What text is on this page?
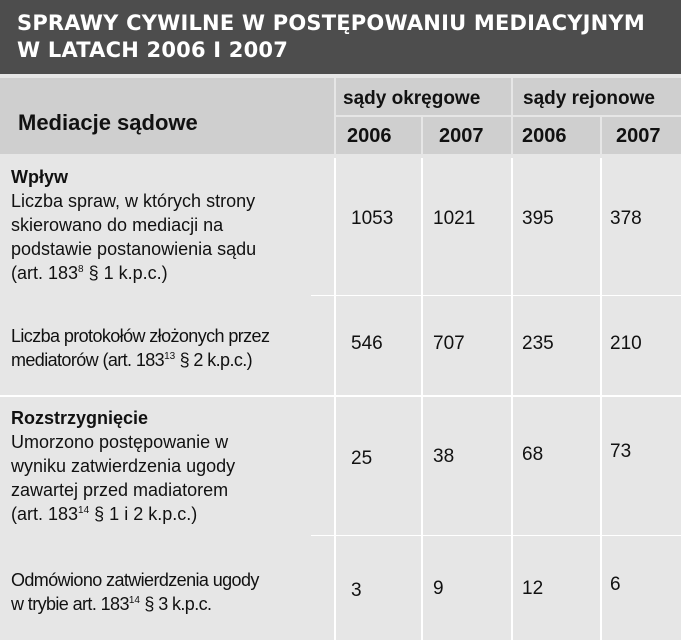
SPRAWY CYWILNE W POSTĘPOWANIU MEDIACYJNYM
W LATACH 2006 I 2007
Mediacje sądowe
sądy okręgowe sądy rejonowe
2006 2007 2006 2007
Wpływ
Liczba spraw, w których strony
skierowano do mediacji na
podstawie postanowienia sądu
(art. $183^8$ § 1 k.p.c.)
1053 1021 395	378
Liczba protokołów złożonych przez
mediatorów (art. $183^{13}$ § 2 k.p.c.)
546	707	235	210
Rozstrzygnięcie
Umorzono postępowanie w
wyniku zatwierdzenia ugody
zawartej przed madiatorem
(art. $183^{14}$ § 1 i 2 k.p.c.)
25	38	68	73
Odmówiono zatwierdzenia ugody
w trybie art. $183^{14}$ § 3 k.p.c.
3	9	12	6
